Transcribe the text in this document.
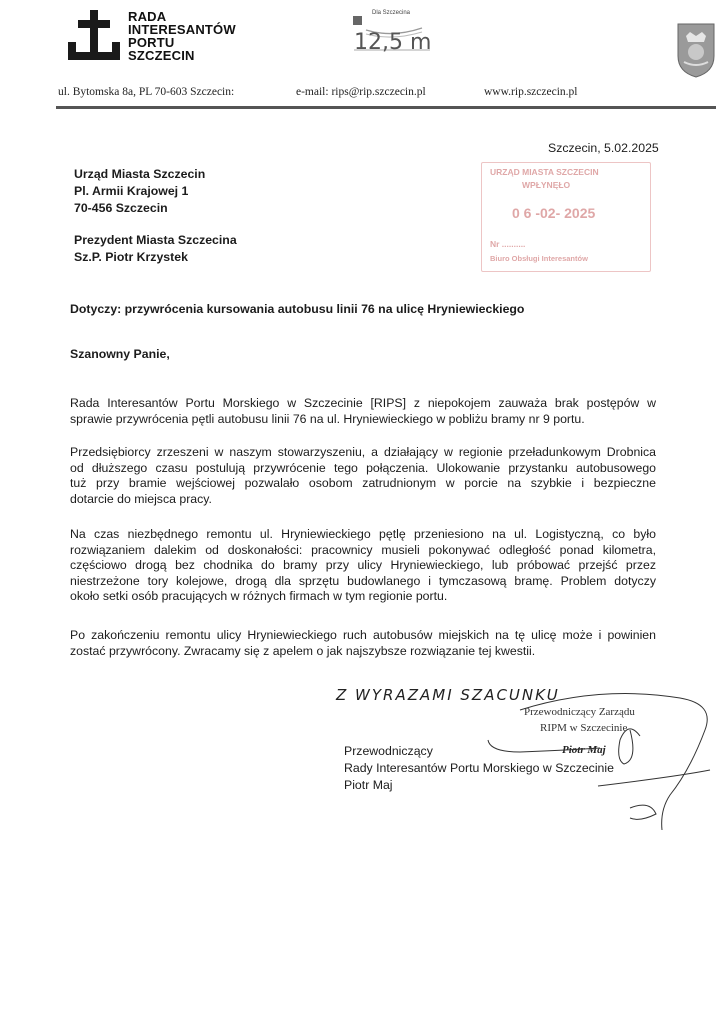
RADA
INTERESANTÓW
PORTU
SZCZECIN
Dla Szczecina
12,5 m
ul. Bytomska 8a, PL 70-603 Szczecin:	e-mail: rips@rip.szczecin.pl	www.rip.szczecin.pl
Szczecin, 5.02.2025
Urząd Miasta Szczecin
Pl. Armii Krajowej 1
70-456 Szczecin
Prezydent Miasta Szczecina
Sz.P. Piotr Krzystek
URZĄD MIASTA SZCZECIN
WPŁYNĘŁO
0 6 -02- 2025
Nr ..........
Biuro Obsługi Interesantów
Dotyczy: przywrócenia kursowania autobusu linii 76 na ulicę Hryniewieckiego
Szanowny Panie,
Rada Interesantów Portu Morskiego w Szczecinie [RIPS] z niepokojem zauważa brak postępów w
sprawie przywrócenia pętli autobusu linii 76 na ul. Hryniewieckiego w pobliżu bramy nr 9 portu.
Przedsiębiorcy zrzeszeni w naszym stowarzyszeniu, a działający w regionie przeładunkowym Drobnica
od dłuższego czasu postulują przywrócenie tego połączenia. Ulokowanie przystanku autobusowego
tuż przy bramie wejściowej pozwalało osobom zatrudnionym w porcie na szybkie i bezpieczne
dotarcie do miejsca pracy.
Na czas niezbędnego remontu ul. Hryniewieckiego pętlę przeniesiono na ul. Logistyczną, co było
rozwiązaniem dalekim od doskonałości: pracownicy musieli pokonywać odległość ponad kilometra,
częściowo drogą bez chodnika do bramy przy ulicy Hryniewieckiego, lub próbować przejść przez
niestrzeżone tory kolejowe, drogą dla sprzętu budowlanego i tymczasową bramę. Problem dotyczy
około setki osób pracujących w różnych firmach w tym regionie portu.
Po zakończeniu remontu ulicy Hryniewieckiego ruch autobusów miejskich na tę ulicę może i powinien
zostać przywrócony. Zwracamy się z apelem o jak najszybsze rozwiązanie tej kwestii.
Z WYRAZAMI SZACUNKU
Przewodniczący Zarządu
RIPM w Szczecinie
Piotr Maj
Przewodniczący
Rady Interesantów Portu Morskiego w Szczecinie
Piotr Maj
